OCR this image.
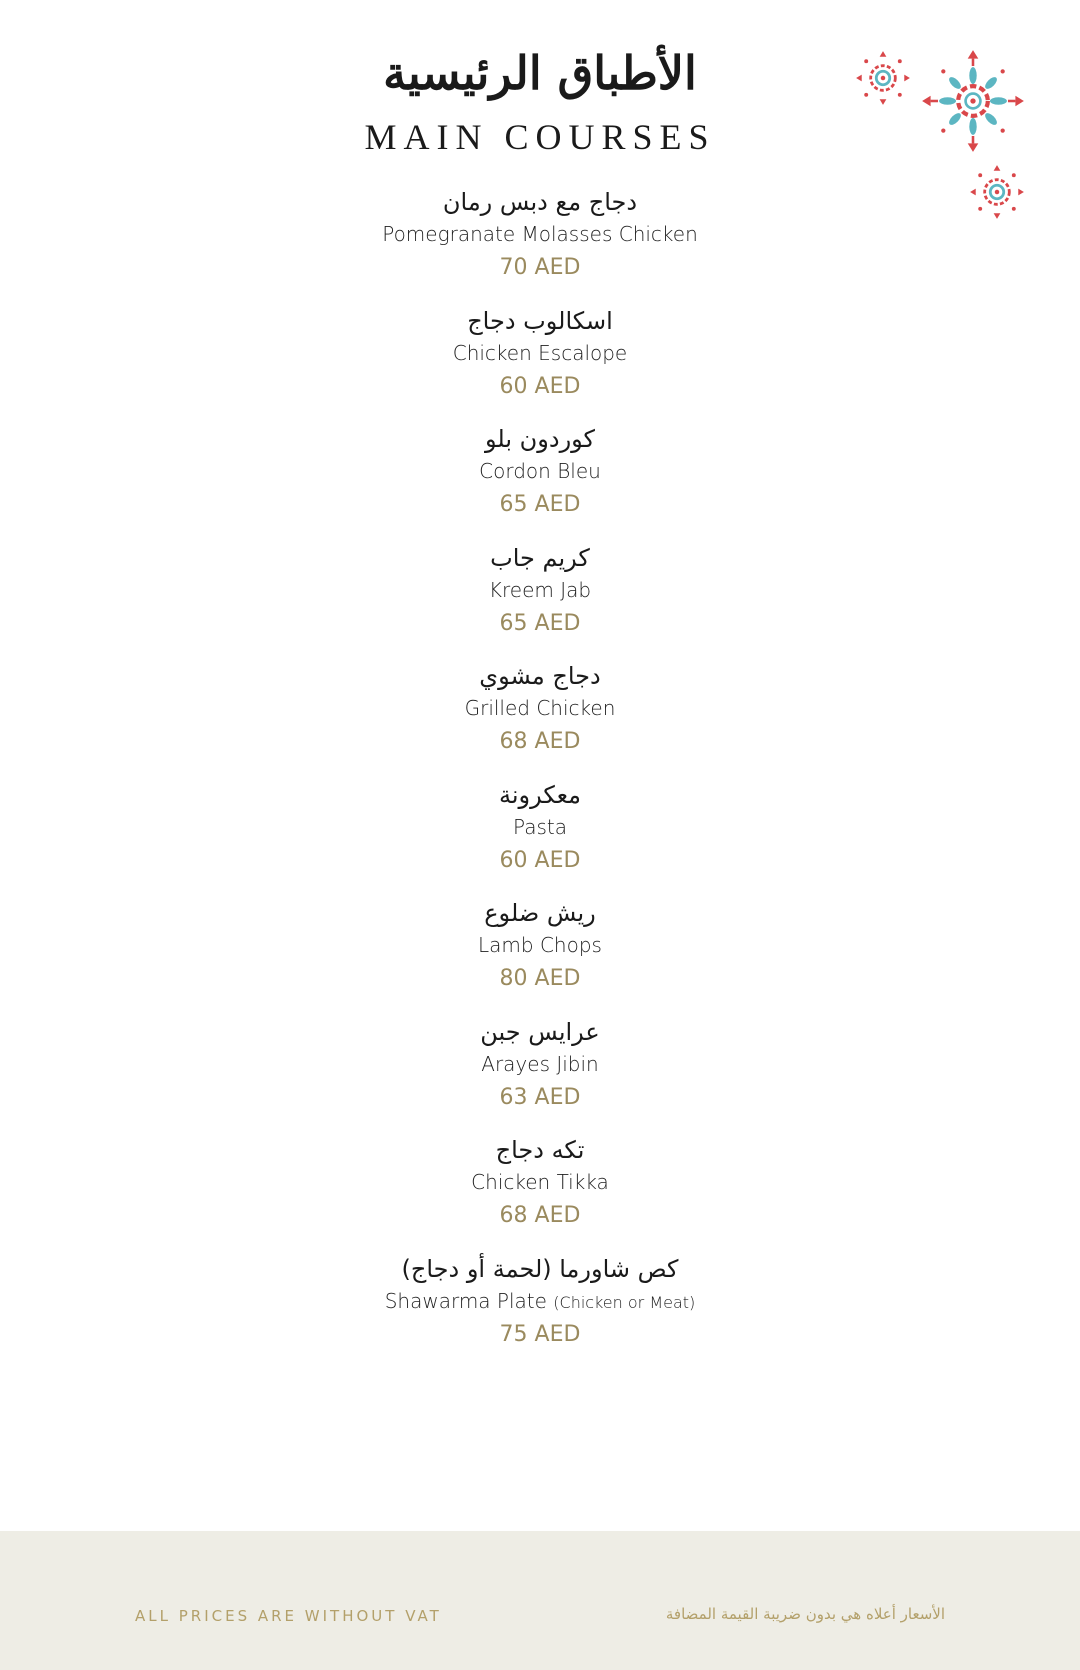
الأطباق الرئيسية
MAIN COURSES
دجاج مع دبس رمان
Pomegranate Molasses Chicken
70 AED
اسكالوب دجاج
Chicken Escalope
60 AED
كوردون بلو
Cordon Bleu
65 AED
كريم جاب
Kreem Jab
65 AED
دجاج مشوي
Grilled Chicken
68 AED
معكرونة
Pasta
60 AED
ريش ضلوع
Lamb Chops
80 AED
عرايس جبن
Arayes Jibin
63 AED
تكه دجاج
Chicken Tikka
68 AED
كص شاورما (لحمة أو دجاج)
Shawarma Plate (Chicken or Meat)
75 AED
ALL PRICES ARE WITHOUT VAT	الأسعار أعلاه هي بدون ضريبة القيمة المضافة
